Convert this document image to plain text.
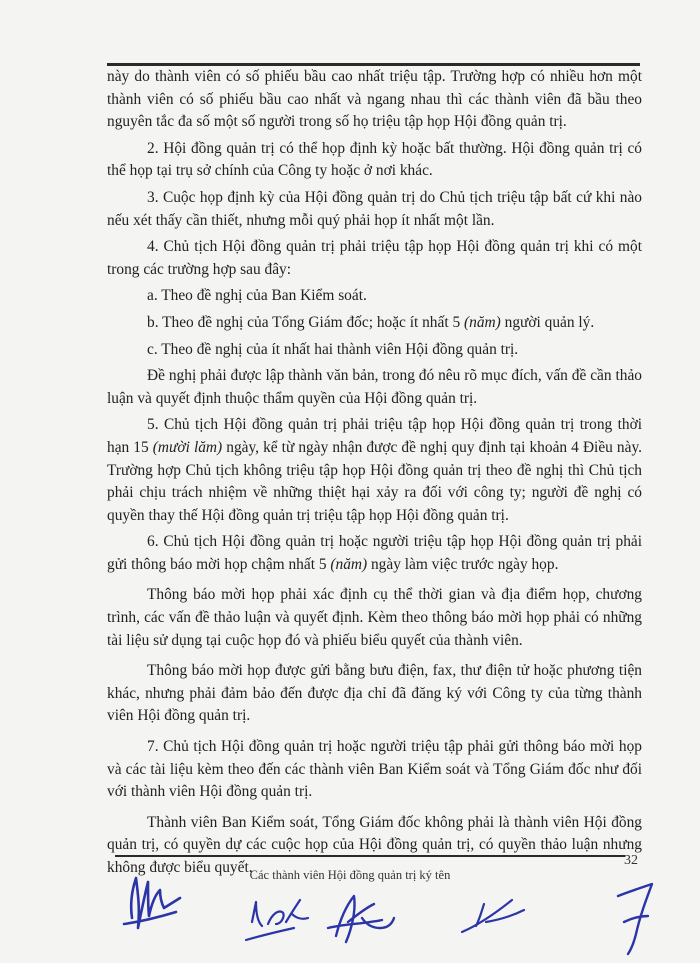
này do thành viên có số phiếu bầu cao nhất triệu tập. Trường hợp có nhiều hơn một thành viên có số phiếu bầu cao nhất và ngang nhau thì các thành viên đã bầu theo nguyên tắc đa số một số người trong số họ triệu tập họp Hội đồng quản trị.

2. Hội đồng quản trị có thể họp định kỳ hoặc bất thường. Hội đồng quản trị có thể họp tại trụ sở chính của Công ty hoặc ở nơi khác.

3. Cuộc họp định kỳ của Hội đồng quản trị do Chủ tịch triệu tập bất cứ khi nào nếu xét thấy cần thiết, nhưng mỗi quý phải họp ít nhất một lần.

4. Chủ tịch Hội đồng quản trị phải triệu tập họp Hội đồng quản trị khi có một trong các trường hợp sau đây:

a. Theo đề nghị của Ban Kiểm soát.

b. Theo đề nghị của Tổng Giám đốc; hoặc ít nhất 5 (năm) người quản lý.

c. Theo đề nghị của ít nhất hai thành viên Hội đồng quản trị.

Đề nghị phải được lập thành văn bản, trong đó nêu rõ mục đích, vấn đề cần thảo luận và quyết định thuộc thẩm quyền của Hội đồng quản trị.

5. Chủ tịch Hội đồng quản trị phải triệu tập họp Hội đồng quản trị trong thời hạn 15 (mười lăm) ngày, kể từ ngày nhận được đề nghị quy định tại khoản 4 Điều này. Trường hợp Chủ tịch không triệu tập họp Hội đồng quản trị theo đề nghị thì Chủ tịch phải chịu trách nhiệm về những thiệt hại xảy ra đối với công ty; người đề nghị có quyền thay thế Hội đồng quản trị triệu tập họp Hội đồng quản trị.

6. Chủ tịch Hội đồng quản trị hoặc người triệu tập họp Hội đồng quản trị phải gửi thông báo mời họp chậm nhất 5 (năm) ngày làm việc trước ngày họp.

Thông báo mời họp phải xác định cụ thể thời gian và địa điểm họp, chương trình, các vấn đề thảo luận và quyết định. Kèm theo thông báo mời họp phải có những tài liệu sử dụng tại cuộc họp đó và phiếu biểu quyết của thành viên.

Thông báo mời họp được gửi bằng bưu điện, fax, thư điện tử hoặc phương tiện khác, nhưng phải đảm bảo đến được địa chỉ đã đăng ký với Công ty của từng thành viên Hội đồng quản trị.

7. Chủ tịch Hội đồng quản trị hoặc người triệu tập phải gửi thông báo mời họp và các tài liệu kèm theo đến các thành viên Ban Kiểm soát và Tổng Giám đốc như đối với thành viên Hội đồng quản trị.

Thành viên Ban Kiểm soát, Tổng Giám đốc không phải là thành viên Hội đồng quản trị, có quyền dự các cuộc họp của Hội đồng quản trị, có quyền thảo luận nhưng không được biểu quyết.	32
Các thành viên Hội đồng quản trị ký tên
